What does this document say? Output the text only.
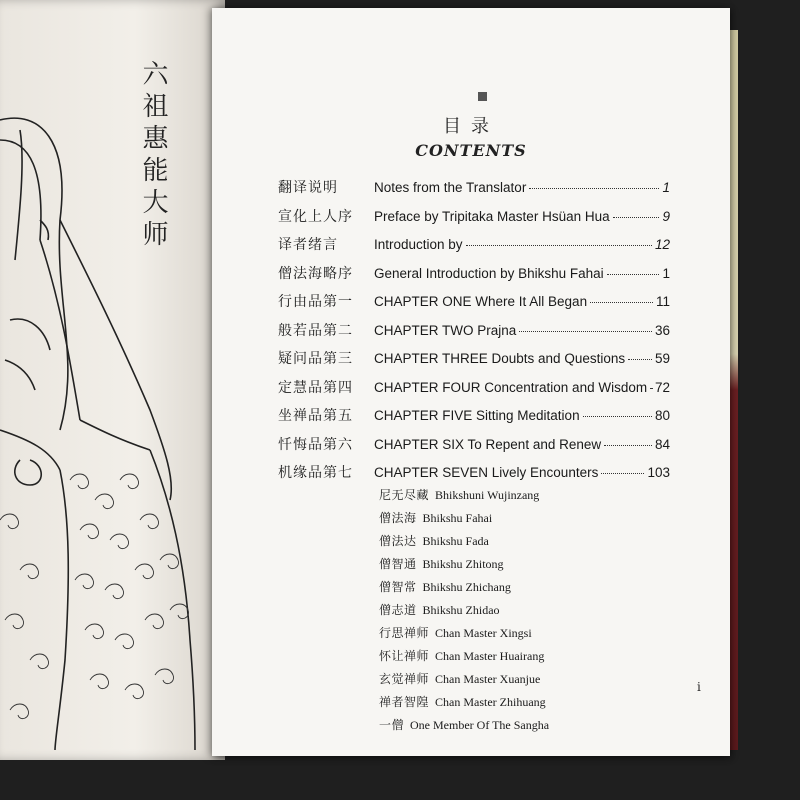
六祖惠能大师	目录
CONTENTS
翻译说明	Notes from the Translator	1
宣化上人序	Preface by Tripitaka Master Hsüan Hua	9
译者绪言	Introduction by	12
僧法海略序	General Introduction by Bhikshu Fahai	1
行由品第一	CHAPTER ONE Where It All Began	11
般若品第二	CHAPTER TWO Prajna	36
疑问品第三	CHAPTER THREE Doubts and Questions 59
定慧品第四	CHAPTER FOUR Concentration and Wisdom 72
坐禅品第五	CHAPTER FIVE Sitting Meditation	80
忏悔品第六	CHAPTER SIX To Repent and Renew	84
机缘品第七	CHAPTER SEVEN Lively Encounters	103
尼无尽藏 Bhikshuni Wujinzang
僧法海 Bhikshu Fahai
僧法达 Bhikshu Fada
僧智通 Bhikshu Zhitong
僧智常 Bhikshu Zhichang
僧志道 Bhikshu Zhidao
行思禅师 Chan Master Xingsi
怀让禅师 Chan Master Huairang
玄觉禅师 Chan Master Xuanjue
禅者智隍 Chan Master Zhihuang
一僧 One Member Of The Sangha
i
